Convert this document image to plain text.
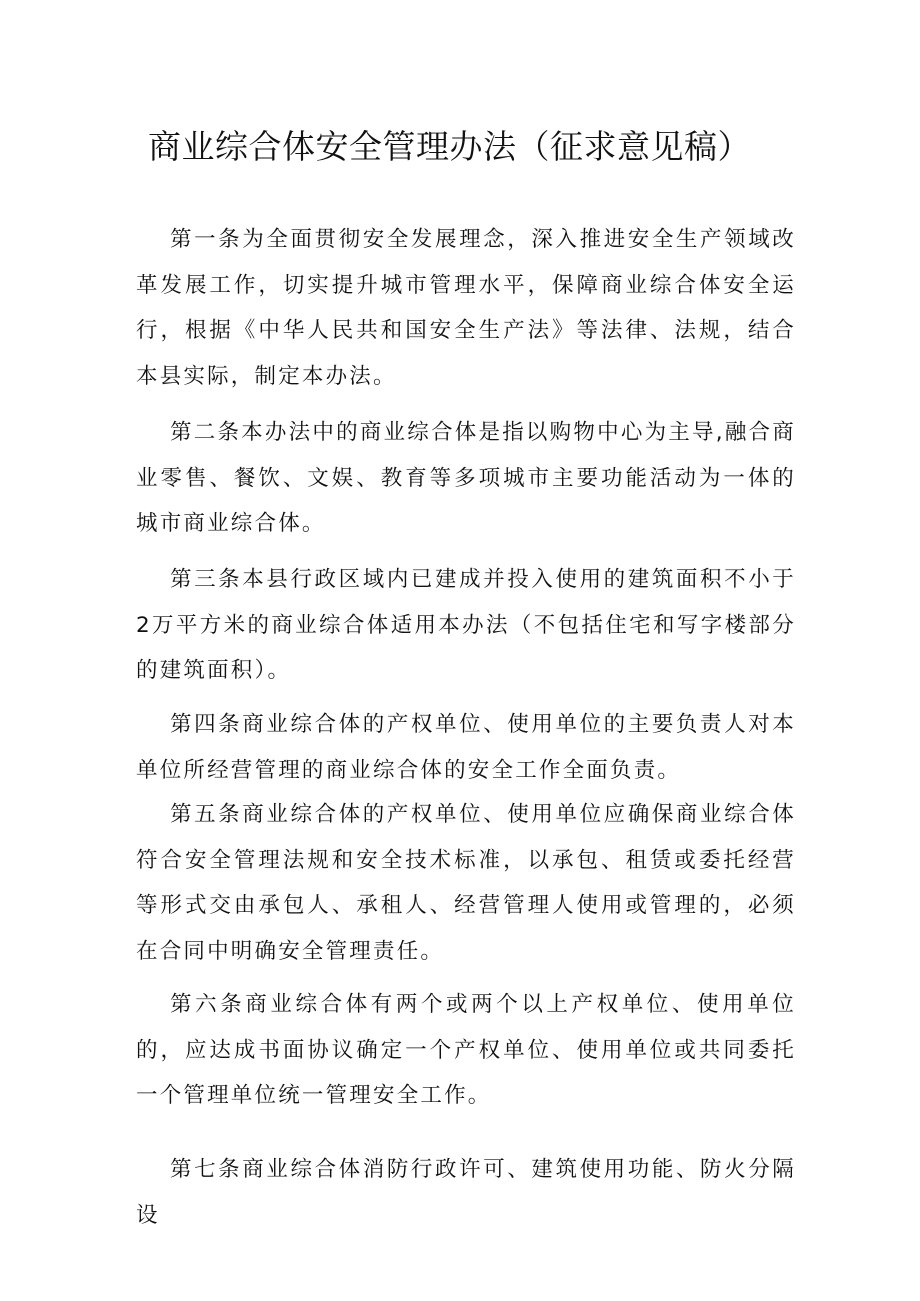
商业综合体安全管理办法（征求意见稿）

第一条为全面贯彻安全发展理念，深入推进安全生产领域改革发展工作，切实提升城市管理水平，保障商业综合体安全运行，根据《中华人民共和国安全生产法》等法律、法规，结合本县实际，制定本办法。

第二条本办法中的商业综合体是指以购物中心为主导,融合商业零售、餐饮、文娱、教育等多项城市主要功能活动为一体的城市商业综合体。

第三条本县行政区域内已建成并投入使用的建筑面积不小于2万平方米的商业综合体适用本办法（不包括住宅和写字楼部分的建筑面积）。

第四条商业综合体的产权单位、使用单位的主要负责人对本单位所经营管理的商业综合体的安全工作全面负责。

第五条商业综合体的产权单位、使用单位应确保商业综合体符合安全管理法规和安全技术标准，以承包、租赁或委托经营等形式交由承包人、承租人、经营管理人使用或管理的，必须在合同中明确安全管理责任。

第六条商业综合体有两个或两个以上产权单位、使用单位的，应达成书面协议确定一个产权单位、使用单位或共同委托一个管理单位统一管理安全工作。

第七条商业综合体消防行政许可、建筑使用功能、防火分隔设
